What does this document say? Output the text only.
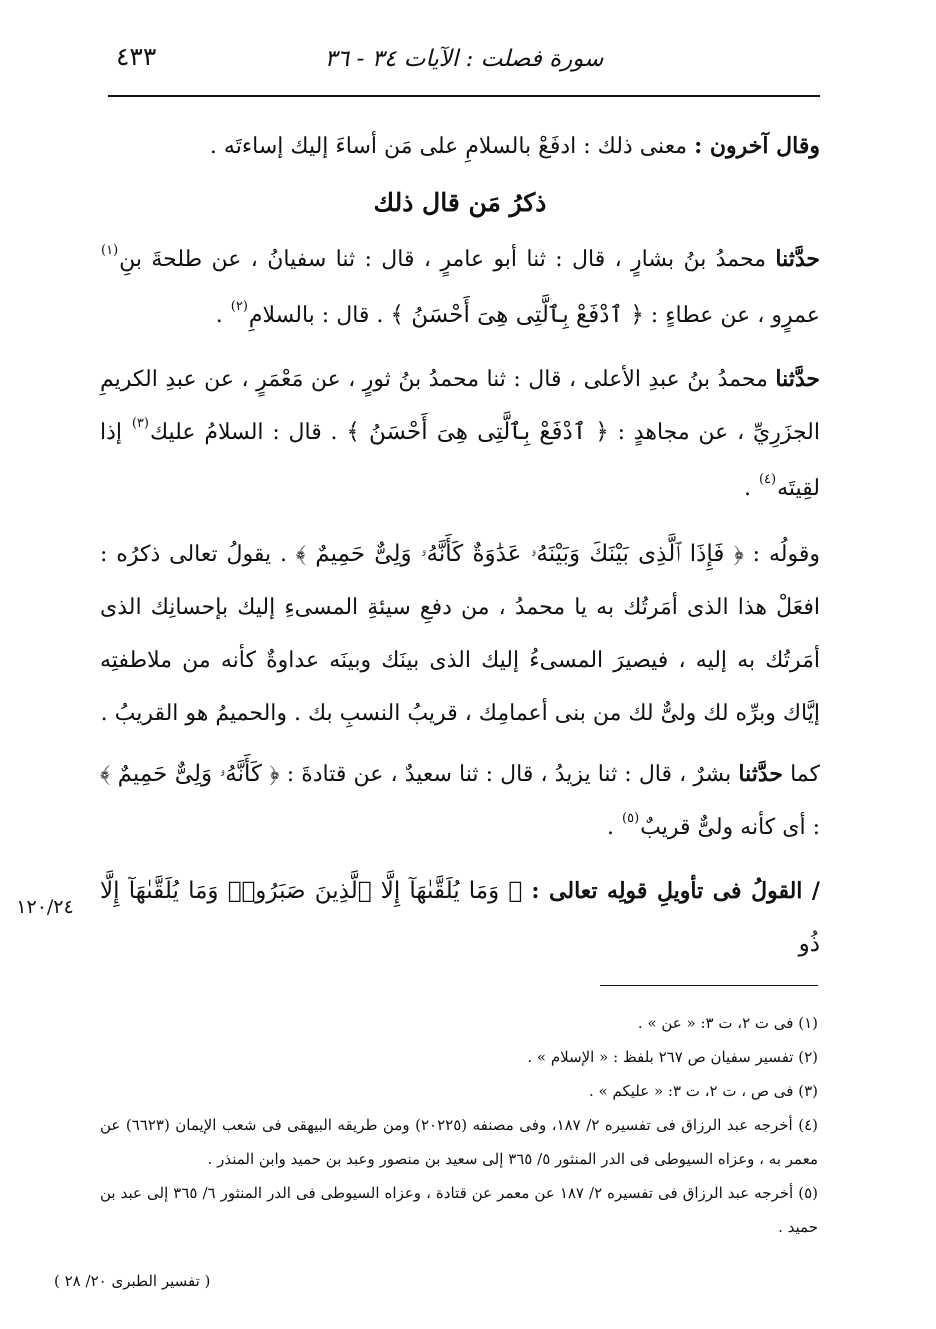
سورة فصلت : الآيات ٣٤ - ٣٦
٤٣٣

وقال آخرون : معنى ذلك : ادفَعْ بالسلامِ على مَن أساءَ إليك إساءتَه .

ذكرُ مَن قال ذلك

حدَّثنا محمدُ بنُ بشارٍ ، قال : ثنا أبو عامرٍ ، قال : ثنا سفيانُ ، عن طلحةَ بنِ$^{(١)}$ عمرٍو ، عن عطاءٍ : ﴿ ٱدْفَعْ بِٱلَّتِى هِىَ أَحْسَنُ ﴾ . قال : بالسلامِ$^{(٢)}$ .

حدَّثنا محمدُ بنُ عبدِ الأعلى ، قال : ثنا محمدُ بنُ ثورٍ ، عن مَعْمَرٍ ، عن عبدِ الكريمِ الجزَرِيِّ ، عن مجاهدٍ : ﴿ ٱدْفَعْ بِٱلَّتِى هِىَ أَحْسَنُ ﴾ . قال : السلامُ عليك$^{(٣)}$ إذا لقِيتَه$^{(٤)}$ .

وقولُه : ﴿ فَإِذَا ٱلَّذِى بَيْنَكَ وَبَيْنَهُۥ عَدَٰوَةٌ كَأَنَّهُۥ وَلِىٌّ حَمِيمٌ ﴾ . يقولُ تعالى ذكرُه : افعَلْ هذا الذى أمَرتُك به يا محمدُ ، من دفعِ سيئةِ المسىءِ إليك بإحسانِك الذى أمَرتُك به إليه ، فيصيرَ المسىءُ إليك الذى بينَك وبينَه عداوةٌ كأنه من ملاطفتِه إيَّاك وبرِّه لك ولىٌّ لك من بنى أعمامِك ، قريبُ النسبِ بك . والحميمُ هو القريبُ .

كما حدَّثنا بشرٌ ، قال : ثنا يزيدُ ، قال : ثنا سعيدٌ ، عن قتادةَ : ﴿ كَأَنَّهُۥ وَلِىٌّ حَمِيمٌ ﴾ : أى كأنه ولىٌّ قريبٌ$^{(٥)}$ .

/ القولُ فى تأويلِ قولِه تعالى : ﴿ وَمَا يُلَقَّىٰهَآ إِلَّا ٱلَّذِينَ صَبَرُوا۟ وَمَا يُلَقَّىٰهَآ إِلَّا ذُو

١٢٠/٢٤

(١) فى ت ٢، ت ٣: « عن » .

(٢) تفسير سفيان ص ٢٦٧ بلفظ : « الإسلام » .

(٣) فى ص ، ت ٢، ت ٣: « عليكم » .

(٤) أخرجه عبد الرزاق فى تفسيره ٢/ ١٨٧، وفى مصنفه (٢٠٢٢٥) ومن طريقه البيهقى فى شعب الإيمان (٦٦٢٣) عن معمر به ، وعزاه السيوطى فى الدر المنثور ٥/ ٣٦٥ إلى سعيد بن منصور وعبد بن حميد وابن المنذر .

(٥) أخرجه عبد الرزاق فى تفسيره ٢/ ١٨٧ عن معمر عن قتادة ، وعزاه السيوطى فى الدر المنثور ٦/ ٣٦٥ إلى عبد بن حميد .

( تفسير الطبرى ٢٠/ ٢٨ )
